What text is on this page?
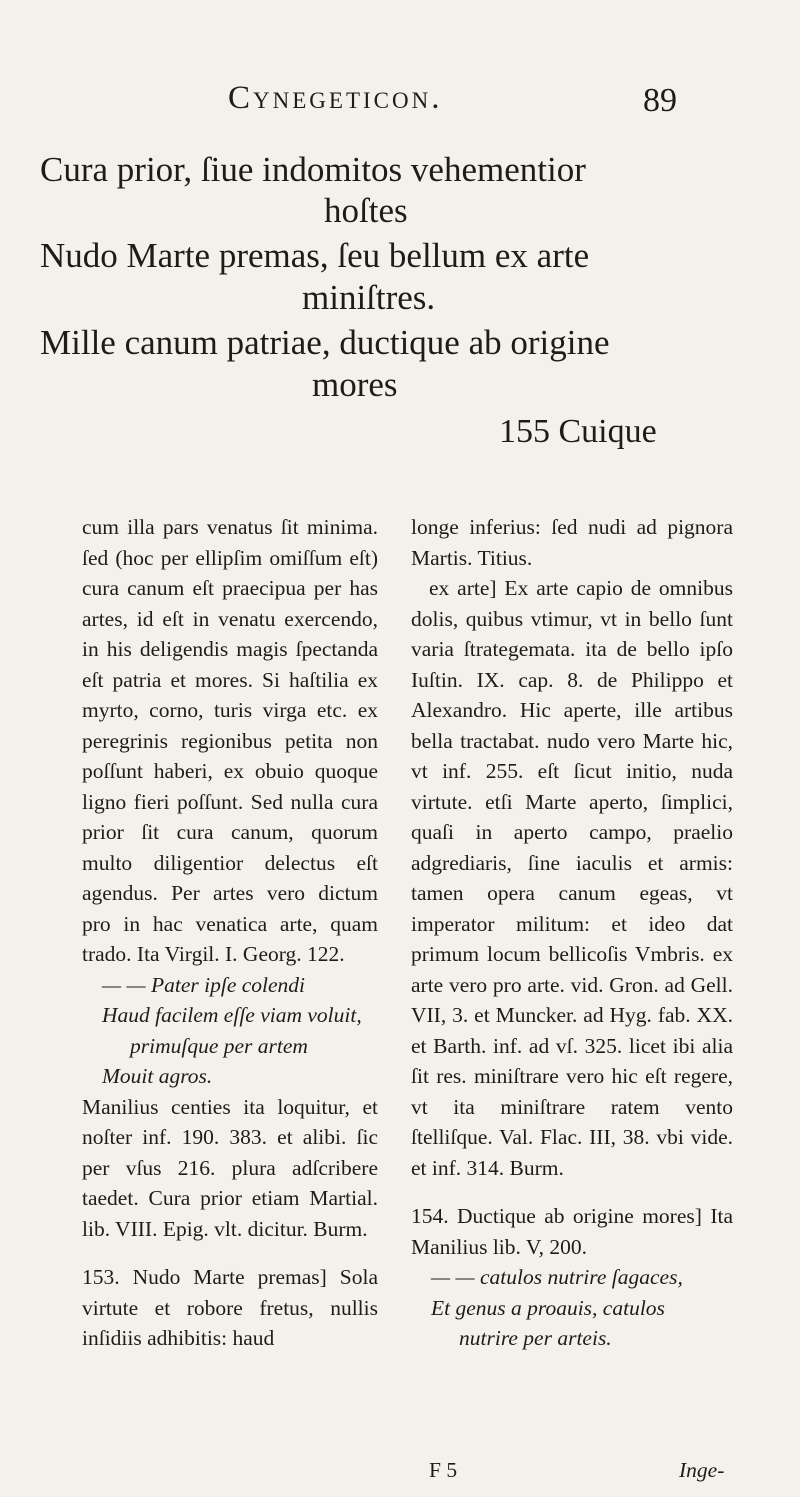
Cynegeticon.	89
Cura prior, ſiue indomitos vehementior
hoſtes
Nudo Marte premas, ſeu bellum ex arte
miniſtres.
Mille canum patriae, ductique ab origine
mores
155 Cuique

cum illa pars venatus ſit minima. ſed (hoc per ellipſim omiſſum eſt) cura canum eſt praecipua per has artes, id eſt in venatu exercendo, in his deligendis magis ſpectanda eſt patria et mores. Si haſtilia ex myrto, corno, turis virga etc. ex peregrinis regionibus petita non poſſunt haberi, ex obuio quoque ligno fieri poſſunt. Sed nulla cura prior ſit cura canum, quorum multo diligentior delectus eſt agendus. Per artes vero dictum pro in hac venatica arte, quam trado. Ita Virgil. I. Georg. 122.

— — Pater ipſe colendi

Haud facilem eſſe viam voluit,

primuſque per artem

Mouit agros.

Manilius centies ita loquitur, et noſter inf. 190. 383. et alibi. ſic per vſus 216. plura adſcribere taedet. Cura prior etiam Martial. lib. VIII. Epig. vlt. dicitur. Burm.

153. Nudo Marte premas] Sola virtute et robore fretus, nullis inſidiis adhibitis: haud

longe inferius: ſed nudi ad pignora Martis. Titius.

ex arte] Ex arte capio de omnibus dolis, quibus vtimur, vt in bello ſunt varia ſtrategemata. ita de bello ipſo Iuſtin. IX. cap. 8. de Philippo et Alexandro. Hic aperte, ille artibus bella tractabat. nudo vero Marte hic, vt inf. 255. eſt ſicut initio, nuda virtute. etſi Marte aperto, ſimplici, quaſi in aperto campo, praelio adgrediaris, ſine iaculis et armis: tamen opera canum egeas, vt imperator militum: et ideo dat primum locum bellicoſis Vmbris. ex arte vero pro arte. vid. Gron. ad Gell. VII, 3. et Muncker. ad Hyg. fab. XX. et Barth. inf. ad vſ. 325. licet ibi alia ſit res. miniſtrare vero hic eſt regere, vt ita miniſtrare ratem vento ſtelliſque. Val. Flac. III, 38. vbi vide. et inf. 314. Burm.

154. Ductique ab origine mores] Ita Manilius lib. V, 200.

— — catulos nutrire ſagaces,

Et genus a proauis, catulos

nutrire per arteis.

F 5	Inge-
